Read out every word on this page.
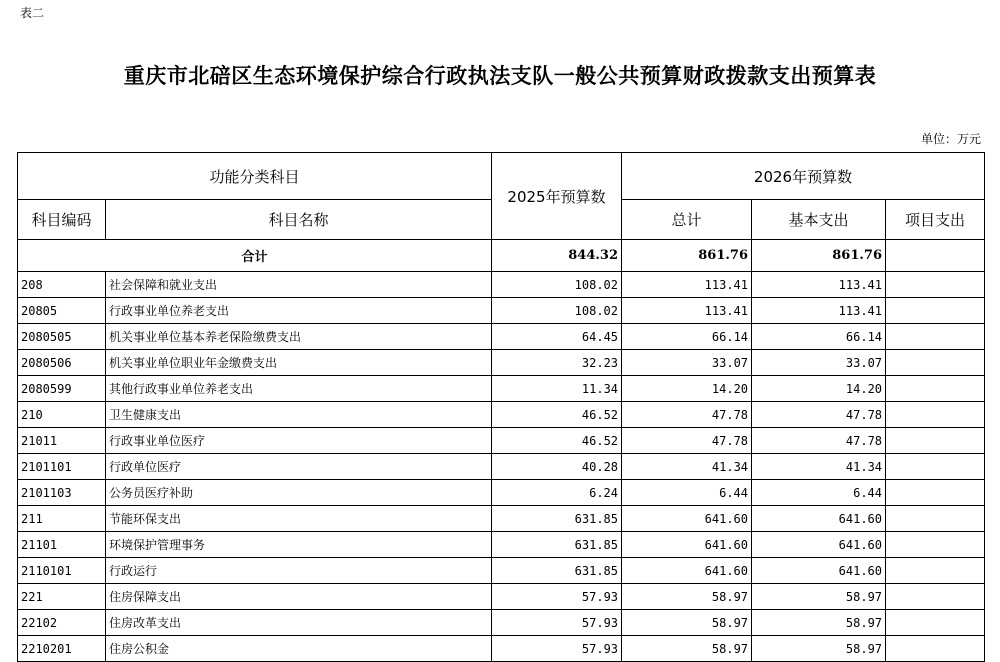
表二
重庆市北碚区生态环境保护综合行政执法支队一般公共预算财政拨款支出预算表
单位：万元
功能分类科目		2025年预算数	2026年预算数		
科目编码	科目名称		总计	基本支出	项目支出
合计		844.32	861.76	861.76	
208	社会保障和就业支出	108.02	113.41	113.41	
20805	行政事业单位养老支出	108.02	113.41	113.41	
2080505	机关事业单位基本养老保险缴费支出	64.45	66.14	66.14	
2080506	机关事业单位职业年金缴费支出	32.23	33.07	33.07	
2080599	其他行政事业单位养老支出	11.34	14.20	14.20	
210	卫生健康支出	46.52	47.78	47.78	
21011	行政事业单位医疗	46.52	47.78	47.78	
2101101	行政单位医疗	40.28	41.34	41.34	
2101103	公务员医疗补助	6.24	6.44	6.44	
211	节能环保支出	631.85	641.60	641.60	
21101	环境保护管理事务	631.85	641.60	641.60	
2110101	行政运行	631.85	641.60	641.60	
221	住房保障支出	57.93	58.97	58.97	
22102	住房改革支出	57.93	58.97	58.97	
2210201	住房公积金	57.93	58.97	58.97	
